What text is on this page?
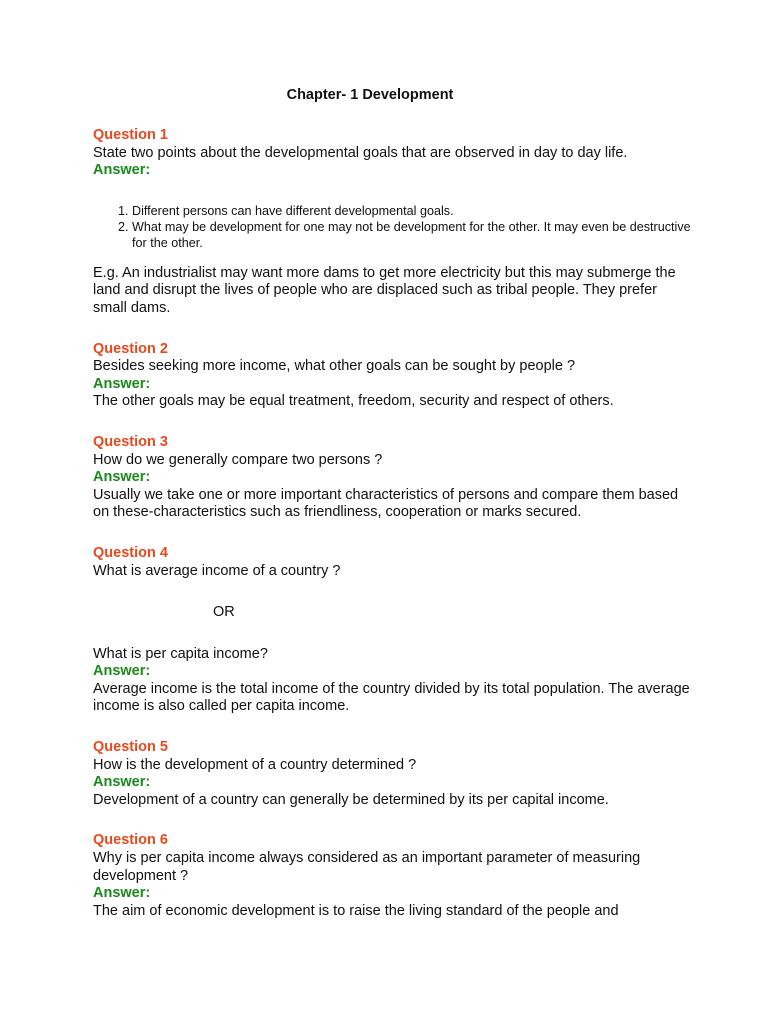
Chapter- 1 Development

Question 1

State two points about the developmental goals that are observed in day to day life.

Answer:

1. Different persons can have different developmental goals.
2. What may be development for one may not be development for the other. It may even be destructive for the other.

E.g. An industrialist may want more dams to get more electricity but this may submerge the land and disrupt the lives of people who are displaced such as tribal people. They prefer small dams.

Question 2

Besides seeking more income, what other goals can be sought by people ?

Answer:

The other goals may be equal treatment, freedom, security and respect of others.

Question 3

How do we generally compare two persons ?

Answer:

Usually we take one or more important characteristics of persons and compare them based on these-characteristics such as friendliness, cooperation or marks secured.

Question 4

What is average income of a country ?

OR

What is per capita income?

Answer:

Average income is the total income of the country divided by its total population. The average income is also called per capita income.

Question 5

How is the development of a country determined ?

Answer:

Development of a country can generally be determined by its per capital income.

Question 6

Why is per capita income always considered as an important parameter of measuring development ?

Answer:

The aim of economic development is to raise the living standard of the people and
